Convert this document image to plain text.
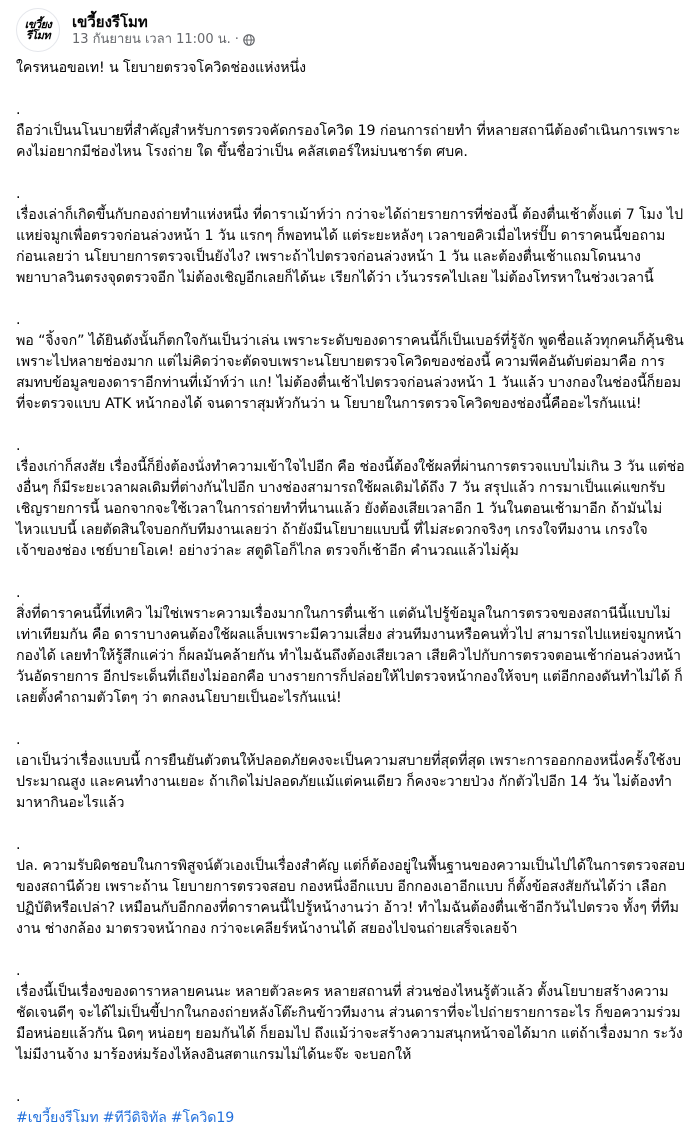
เขวี้ยง
รีโมท
เขวี้ยงรีโมท
13 กันยายน เวลา 11:00 น. ·

ใครหนอขอเท! น โยบายตรวจโควิดช่องแห่งหนึ่ง

.
ถือว่าเป็นนโนบายที่สำคัญสำหรับการตรวจคัดกรองโควิด 19 ก่อนการถ่ายทำ ที่หลายสถานีต้องดำเนินการเพราะคงไม่อยากมีช่องไหน โรงถ่าย ใด ขึ้นชื่อว่าเป็น คลัสเตอร์ใหม่บนชาร์ต ศบค.

.
เรื่องเล่าก็เกิดขึ้นกับกองถ่ายทำแห่งหนึ่ง ที่ดาราเม้าท์ว่า กว่าจะได้ถ่ายรายการที่ช่องนี้ ต้องตื่นเช้าตั้งแต่ 7 โมง ไปแหย่จมูกเพื่อตรวจก่อนล่วงหน้า 1 วัน แรกๆ ก็พอทนได้ แต่ระยะหลังๆ เวลาขอคิวเมื่อไหร่ปั๊บ ดาราคนนี้ขอถามก่อนเลยว่า นโยบายการตรวจเป็นยังไง? เพราะถ้าไปตรวจก่อนล่วงหน้า 1 วัน และต้องตื่นเช้าแถมโดนนางพยาบาลวินตรงจุดตรวจอีก ไม่ต้องเชิญอีกเลยก็ได้นะ เรียกได้ว่า เว้นวรรคไปเลย ไม่ต้องโทรหาในช่วงเวลานี้

.
พอ “จิ้งจก” ได้ยินดังนั้นก็ตกใจกันเป็นว่าเล่น เพราะระดับของดาราคนนี้ก็เป็นเบอร์ที่รู้จัก พูดชื่อแล้วทุกคนก็คุ้นชิน เพราะไปหลายช่องมาก แต่ไม่คิดว่าจะตัดจบเพราะนโยบายตรวจโควิดของช่องนี้ ความพีคอันดับต่อมาคือ การสมทบข้อมูลของดาราอีกท่านที่เม้าท์ว่า แก! ไม่ต้องตื่นเช้าไปตรวจก่อนล่วงหน้า 1 วันแล้ว บางกองในช่องนี้ก็ยอมที่จะตรวจแบบ ATK หน้ากองได้ จนดาราสุมหัวกันว่า น โยบายในการตรวจโควิดของช่องนี้คืออะไรกันแน่!

.
เรื่องเก่าก็สงสัย เรื่องนี้ก็ยิ่งต้องนั่งทำความเข้าใจไปอีก คือ ช่องนี้ต้องใช้ผลที่ผ่านการตรวจแบบไม่เกิน 3 วัน แต่ช่องอื่นๆ ก็มีระยะเวลาผลเดิมที่ต่างกันไปอีก บางช่องสามารถใช้ผลเดิมได้ถึง 7 วัน สรุปแล้ว การมาเป็นแค่แขกรับเชิญรายการนี้ นอกจากจะใช้เวลาในการถ่ายทำที่นานแล้ว ยังต้องเสียเวลาอีก 1 วันในตอนเช้ามาอีก ถ้ามันไม่ไหวแบบนี้ เลยตัดสินใจบอกกับทีมงานเลยว่า ถ้ายังมีนโยบายแบบนี้ ที่ไม่สะดวกจริงๆ เกรงใจทีมงาน เกรงใจเจ้าของช่อง เชย์บายโอเค! อย่างว่าละ สตูดิโอก็ไกล ตรวจก็เช้าอีก คำนวณแล้วไม่คุ้ม

.
สิ่งที่ดาราคนนี้ที่เทคิว ไม่ใช่เพราะความเรื่องมากในการตื่นเช้า แต่ดันไปรู้ข้อมูลในการตรวจของสถานีนี้แบบไม่เท่าเทียมกัน คือ ดาราบางคนต้องใช้ผลแล็บเพราะมีความเสี่ยง ส่วนทีมงานหรือคนทั่วไป สามารถไปแหย่จมูกหน้ากองได้ เลยทำให้รู้สึกแค่ว่า ก็ผลมันคล้ายกัน ทำไมฉันถึงต้องเสียเวลา เสียคิวไปกับการตรวจตอนเช้าก่อนล่วงหน้าวันอัดรายการ อีกประเด็นที่เถียงไม่ออกคือ บางรายการก็ปล่อยให้ไปตรวจหน้ากองให้จบๆ แต่อีกกองดันทำไม่ได้ ก็เลยตั้งคำถามตัวโตๆ ว่า ตกลงนโยบายเป็นอะไรกันแน่!

.
เอาเป็นว่าเรื่องแบบนี้ การยืนยันตัวตนให้ปลอดภัยคงจะเป็นความสบายที่สุดที่สุด เพราะการออกกองหนึ่งครั้งใช้งบประมาณสูง และคนทำงานเยอะ ถ้าเกิดไม่ปลอดภัยแม้แต่คนเดียว ก็คงจะวายป่วง กักตัวไปอีก 14 วัน ไม่ต้องทำมาหากินอะไรแล้ว

.
ปล. ความรับผิดชอบในการพิสูจน์ตัวเองเป็นเรื่องสำคัญ แต่ก็ต้องอยู่ในพื้นฐานของความเป็นไปได้ในการตรวจสอบของสถานีด้วย เพราะถ้าน โยบายการตรวจสอบ กองหนึ่งอีกแบบ อีกกองเอาอีกแบบ ก็ตั้งข้อสงสัยกันได้ว่า เลือกปฏิบัติหรือเปล่า? เหมือนกับอีกกองที่ดาราคนนี้ไปรู้หน้างานว่า อ้าว! ทำไมฉันต้องตื่นเช้าอีกวันไปตรวจ ทั้งๆ ที่ทีมงาน ช่างกล้อง มาตรวจหน้ากอง กว่าจะเคลียร์หน้างานได้ สยองไปจนถ่ายเสร็จเลยจ้า

.
เรื่องนี้เป็นเรื่องของดาราหลายคนนะ หลายตัวละคร หลายสถานที่ ส่วนช่องไหนรู้ตัวแล้ว ตั้งนโยบายสร้างความชัดเจนดีๆ จะได้ไม่เป็นขี้ปากในกองถ่ายหลังโต๊ะกินข้าวทีมงาน ส่วนดาราที่จะไปถ่ายรายการอะไร ก็ขอความร่วมมือหน่อยแล้วกัน นิดๆ หน่อยๆ ยอมกันได้ ก็ยอมไป ถึงแม้ว่าจะสร้างความสนุกหน้าจอได้มาก แต่ถ้าเรื่องมาก ระวังไม่มีงานจ้าง มาร้องห่มร้องไห้ลงอินสตาแกรมไม่ได้นะจ๊ะ จะบอกให้

.
#เขวี้ยงรีโมท #ทีวีดิจิทัล #โควิด19
